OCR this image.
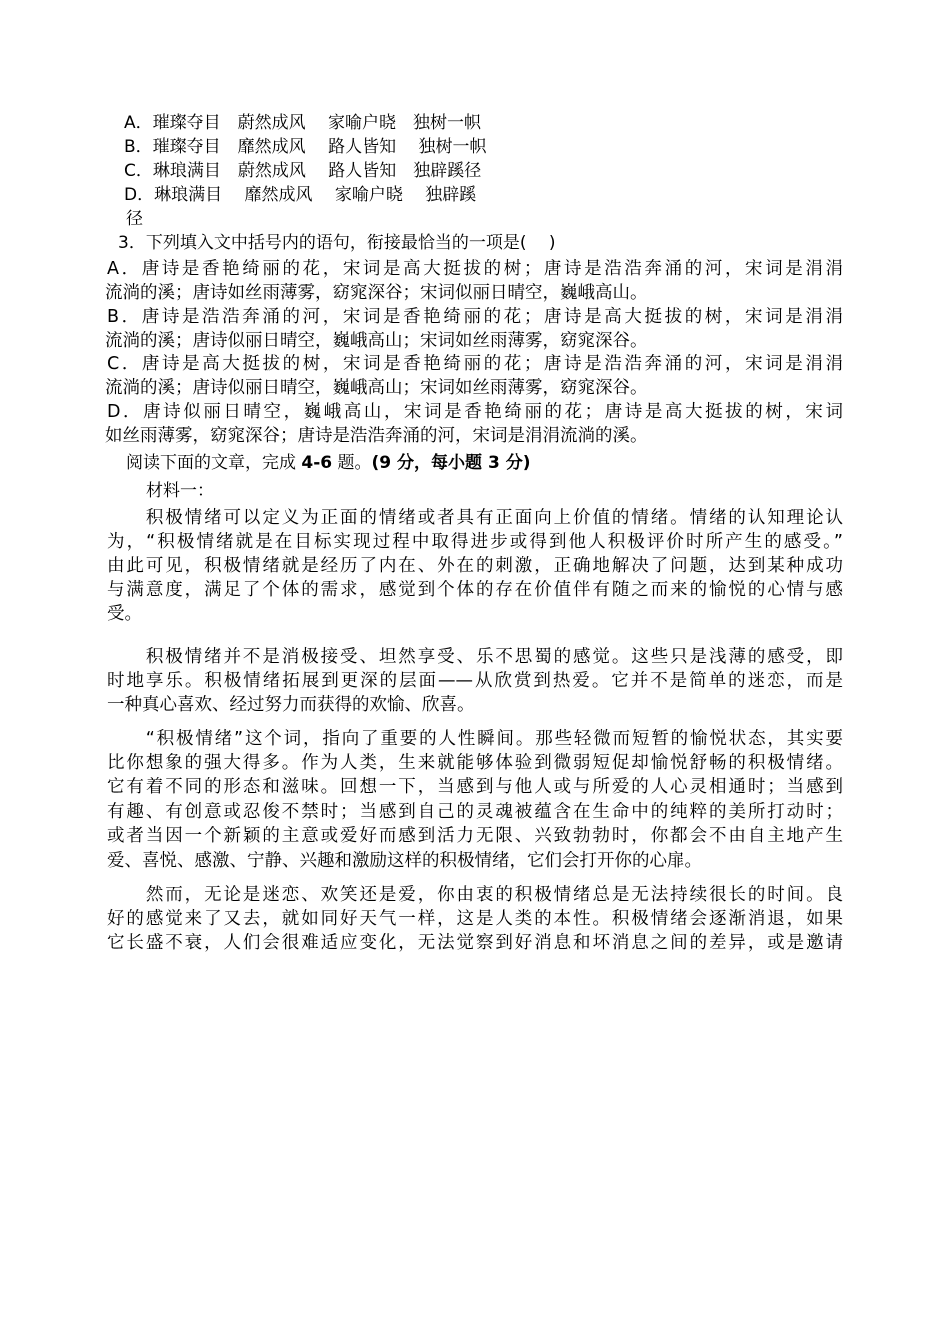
A．璀璨夺目　蔚然成风　 家喻户晓　独树一帜
B．璀璨夺目　靡然成风　 路人皆知　 独树一帜
C．琳琅满目　蔚然成风　 路人皆知　独辟蹊径
D．琳琅满目　 靡然成风　 家喻户晓　 独辟蹊
径
3．下列填入文中括号内的语句，衔接最恰当的一项是(　 )
A．唐诗是香艳绮丽的花，宋词是高大挺拔的树；唐诗是浩浩奔涌的河，宋词是涓涓
流淌的溪；唐诗如丝雨薄雾，窈窕深谷；宋词似丽日晴空，巍峨高山。
B．唐诗是浩浩奔涌的河，宋词是香艳绮丽的花；唐诗是高大挺拔的树，宋词是涓涓
流淌的溪；唐诗似丽日晴空，巍峨高山；宋词如丝雨薄雾，窈窕深谷。
C．唐诗是高大挺拔的树，宋词是香艳绮丽的花；唐诗是浩浩奔涌的河，宋词是涓涓
流淌的溪；唐诗似丽日晴空，巍峨高山；宋词如丝雨薄雾，窈窕深谷。
D．唐诗似丽日晴空，巍峨高山，宋词是香艳绮丽的花；唐诗是高大挺拔的树，宋词
如丝雨薄雾，窈窕深谷；唐诗是浩浩奔涌的河，宋词是涓涓流淌的溪。
阅读下面的文章，完成 4-6 题。(9 分，每小题 3 分)
材料一：
　　积极情绪可以定义为正面的情绪或者具有正面向上价值的情绪。情绪的认知理论认
为，“积极情绪就是在目标实现过程中取得进步或得到他人积极评价时所产生的感受。”
由此可见，积极情绪就是经历了内在、外在的刺激，正确地解决了问题，达到某种成功
与满意度，满足了个体的需求，感觉到个体的存在价值伴有随之而来的愉悦的心情与感
受。
　　积极情绪并不是消极接受、坦然享受、乐不思蜀的感觉。这些只是浅薄的感受，即
时地享乐。积极情绪拓展到更深的层面——从欣赏到热爱。它并不是简单的迷恋，而是
一种真心喜欢、经过努力而获得的欢愉、欣喜。
　　“积极情绪”这个词，指向了重要的人性瞬间。那些轻微而短暂的愉悦状态，其实要
比你想象的强大得多。作为人类，生来就能够体验到微弱短促却愉悦舒畅的积极情绪。
它有着不同的形态和滋味。回想一下，当感到与他人或与所爱的人心灵相通时；当感到
有趣、有创意或忍俊不禁时；当感到自己的灵魂被蕴含在生命中的纯粹的美所打动时；
或者当因一个新颖的主意或爱好而感到活力无限、兴致勃勃时，你都会不由自主地产生
爱、喜悦、感激、宁静、兴趣和激励这样的积极情绪，它们会打开你的心扉。
　　然而，无论是迷恋、欢笑还是爱，你由衷的积极情绪总是无法持续很长的时间。良
好的感觉来了又去，就如同好天气一样，这是人类的本性。积极情绪会逐渐消退，如果
它长盛不衰，人们会很难适应变化，无法觉察到好消息和坏消息之间的差异，或是邀请
